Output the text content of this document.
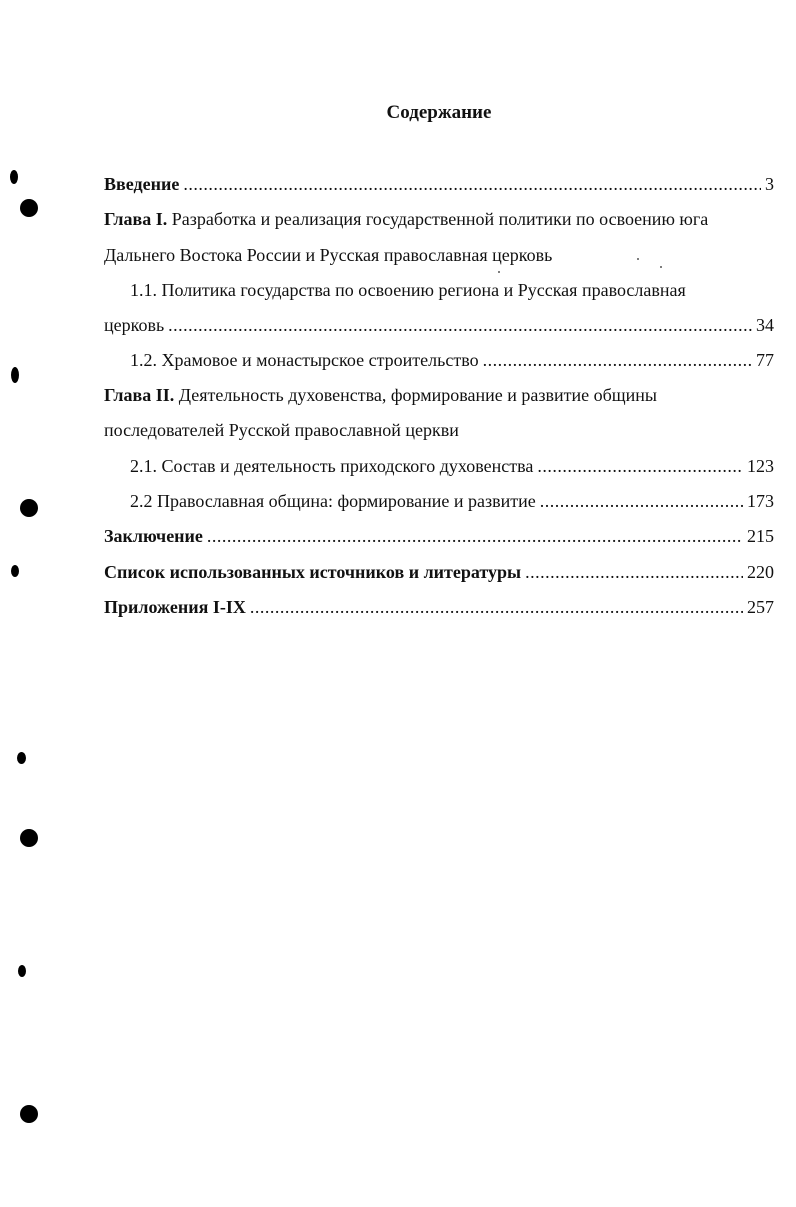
Содержание
Введение .....	3
Глава I. Разработка и реализация государственной политики по освоению юга
Дальнего Востока России и Русская православная церковь
1.1. Политика государства по освоению региона и Русская православная
церковь .....	34
1.2. Храмовое и монастырское строительство .....	77
Глава II. Деятельность духовенства, формирование и развитие общины
последователей Русской православной церкви
2.1. Состав и деятельность приходского духовенства .....	123
2.2 Православная община: формирование и развитие .....	173
Заключение .....	215
Список использованных источников и литературы .....	220
Приложения I-IX .....	257
